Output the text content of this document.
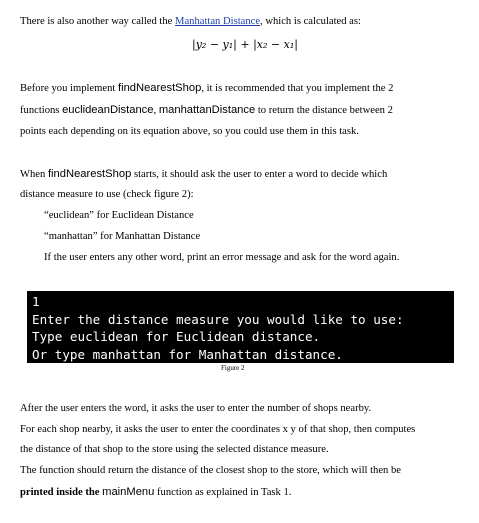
There is also another way called the Manhattan Distance, which is calculated as:
|y₂ − y₁| + |x₂ − x₁|
Before you implement findNearestShop, it is recommended that you implement the 2
functions euclideanDistance, manhattanDistance to return the distance between 2
points each depending on its equation above, so you could use them in this task.
When findNearestShop starts, it should ask the user to enter a word to decide which
distance measure to use (check figure 2):
“euclidean” for Euclidean Distance
“manhattan” for Manhattan Distance
If the user enters any other word, print an error message and ask for the word again.
1
Enter the distance measure you would like to use:
Type euclidean for Euclidean distance.
Or type manhattan for Manhattan distance.
Figure 2
After the user enters the word, it asks the user to enter the number of shops nearby.
For each shop nearby, it asks the user to enter the coordinates x y of that shop, then computes
the distance of that shop to the store using the selected distance measure.
The function should return the distance of the closest shop to the store, which will then be
printed inside the mainMenu function as explained in Task 1.
